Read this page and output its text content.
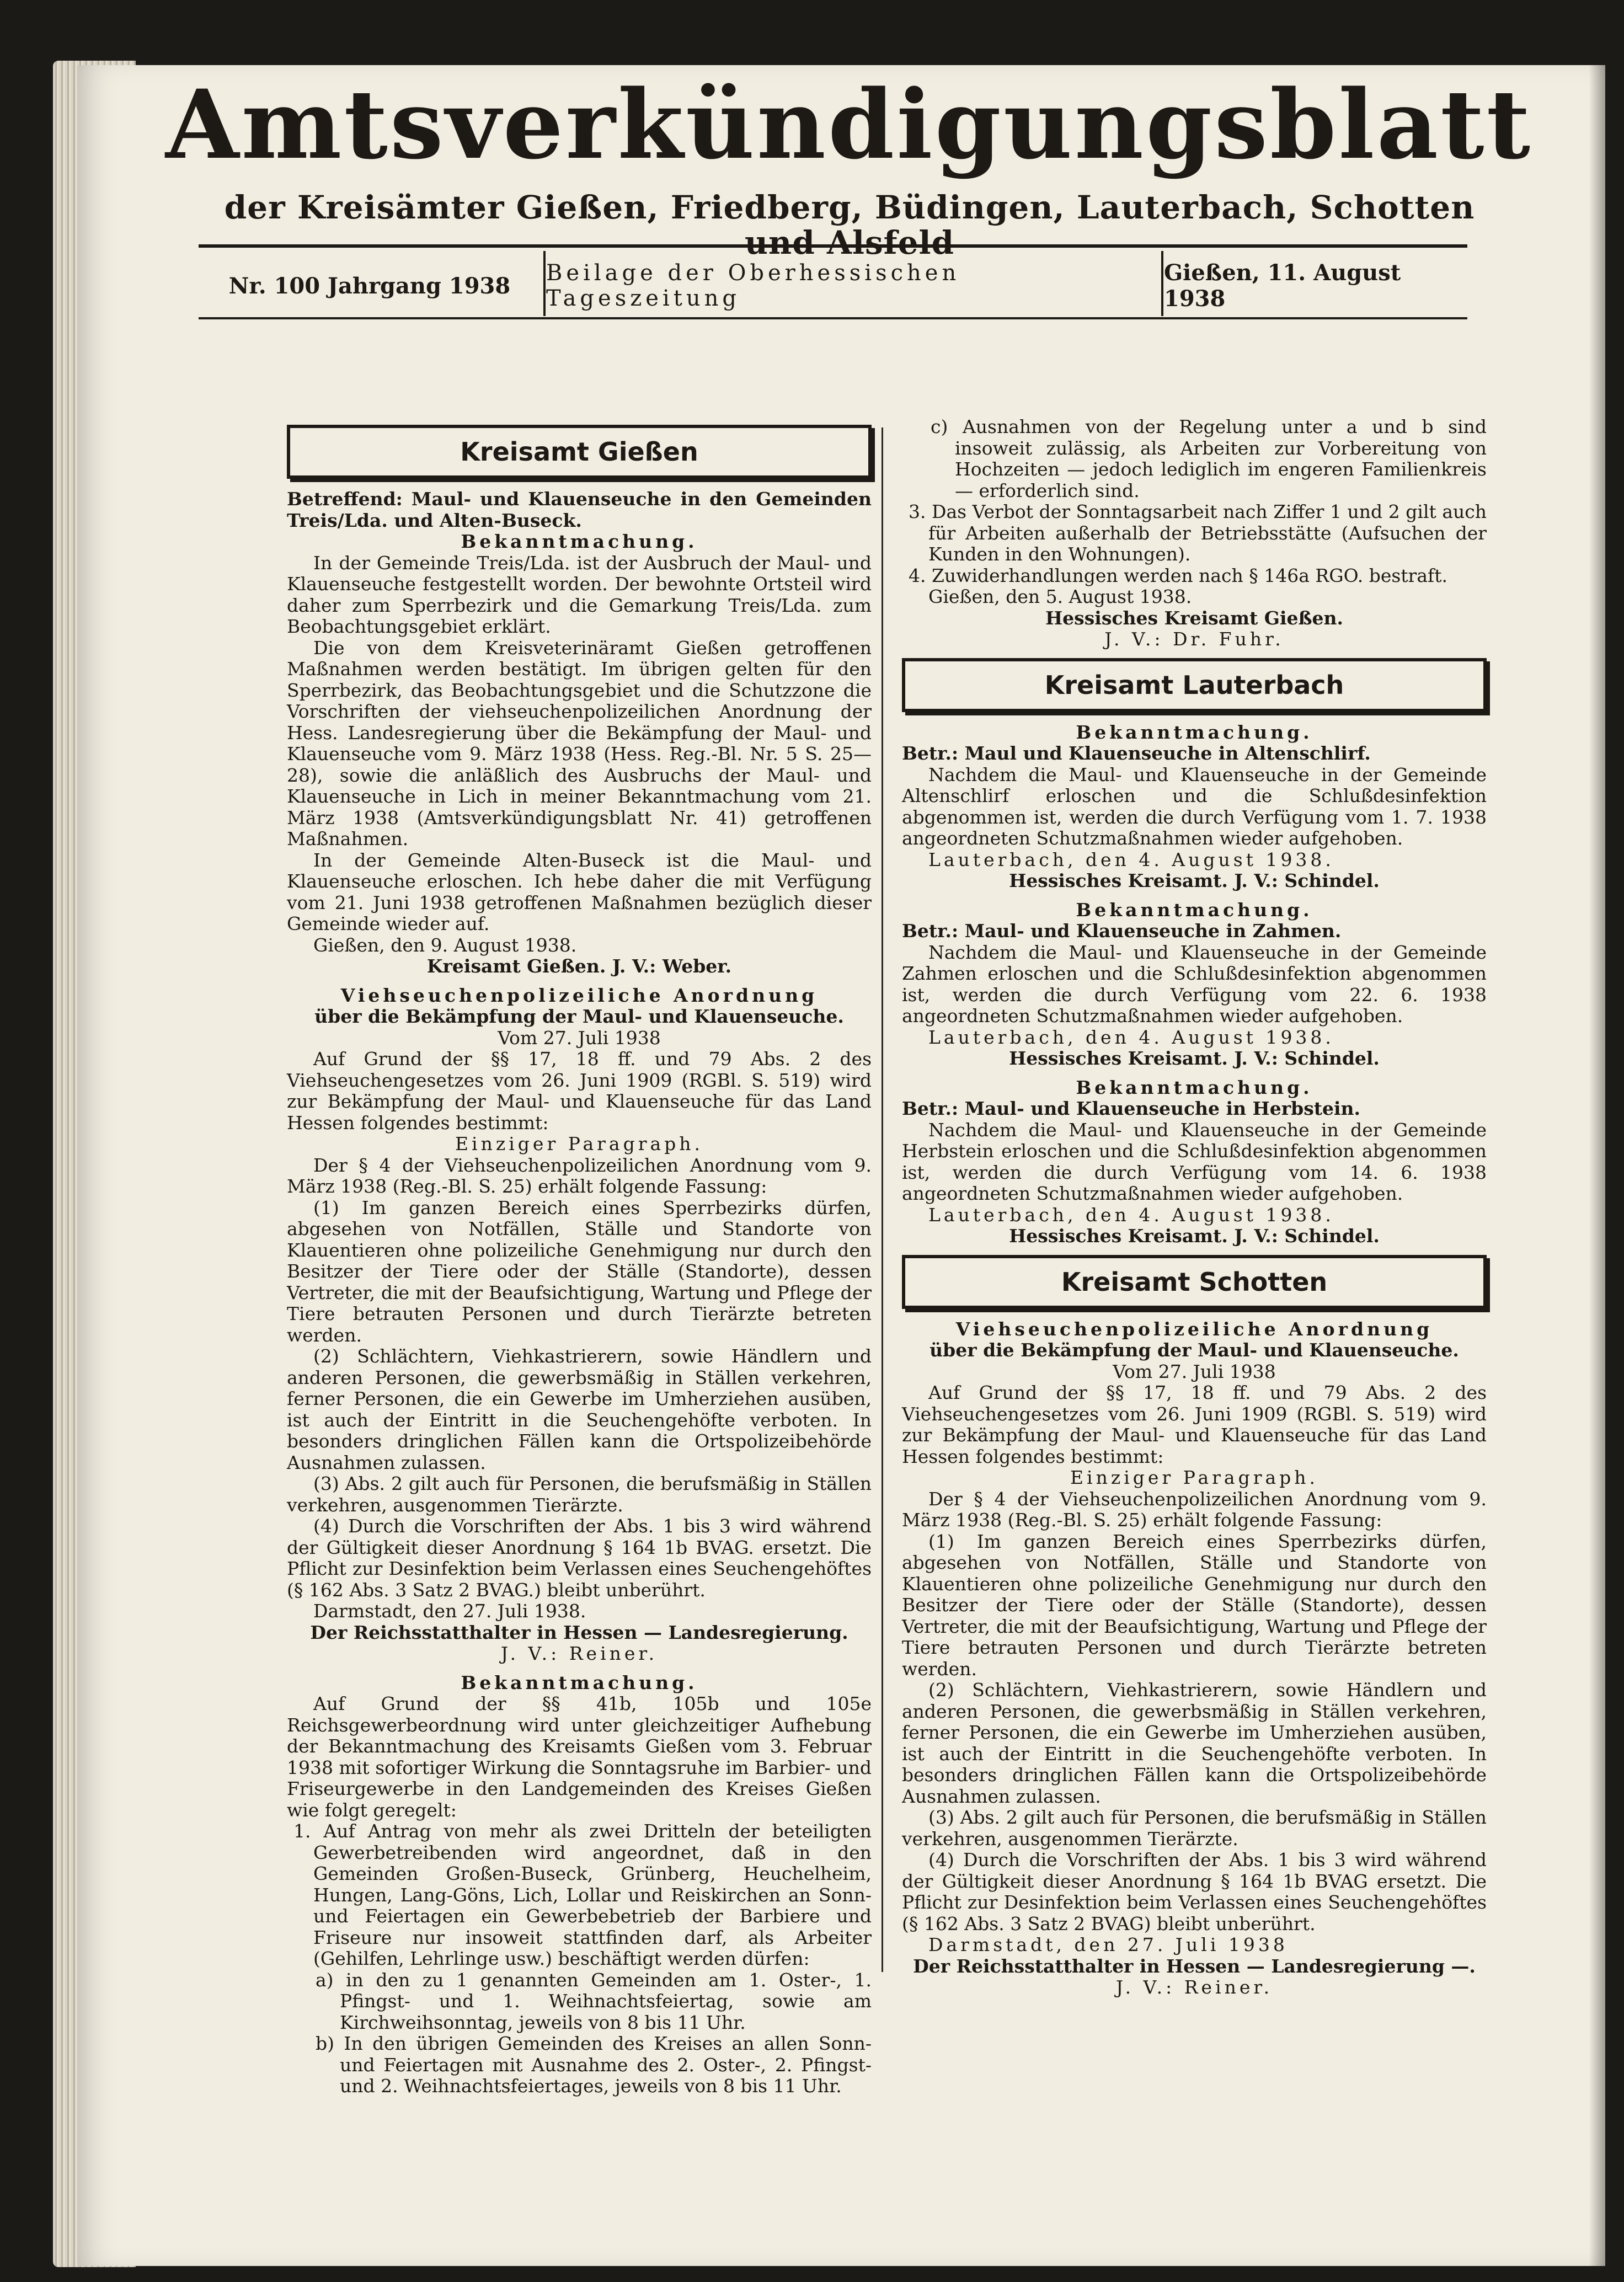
Amtsverkündigungsblatt
der Kreisämter Gießen, Friedberg, Büdingen, Lauterbach, Schotten und Alsfeld
Nr. 100 Jahrgang 1938	Beilage der Oberhessischen Tageszeitung
Gießen, 11. August 1938
Kreisamt Gießen

Betreffend: Maul- und Klauenseuche in den Gemeinden Treis/Lda. und Alten-Buseck.

Bekanntmachung.

In der Gemeinde Treis/Lda. ist der Ausbruch der Maul- und Klauenseuche festgestellt worden. Der bewohnte Ortsteil wird daher zum Sperrbezirk und die Gemarkung Treis/Lda. zum Beobachtungsgebiet erklärt.

Die von dem Kreisveterinäramt Gießen getroffenen Maßnahmen werden bestätigt. Im übrigen gelten für den Sperrbezirk, das Beobachtungsgebiet und die Schutzzone die Vorschriften der viehseuchenpolizeilichen Anordnung der Hess. Landesregierung über die Bekämpfung der Maul- und Klauenseuche vom 9. März 1938 (Hess. Reg.-Bl. Nr. 5 S. 25—28), sowie die anläßlich des Ausbruchs der Maul- und Klauenseuche in Lich in meiner Bekanntmachung vom 21. März 1938 (Amtsverkündigungsblatt Nr. 41) getroffenen Maßnahmen.

In der Gemeinde Alten-Buseck ist die Maul- und Klauenseuche erloschen. Ich hebe daher die mit Verfügung vom 21. Juni 1938 getroffenen Maßnahmen bezüglich dieser Gemeinde wieder auf.

Gießen, den 9. August 1938.

Kreisamt Gießen. J. V.: Weber.

Viehseuchenpolizeiliche Anordnung

über die Bekämpfung der Maul- und Klauenseuche.

Vom 27. Juli 1938

Auf Grund der §§ 17, 18 ff. und 79 Abs. 2 des Viehseuchengesetzes vom 26. Juni 1909 (RGBl. S. 519) wird zur Bekämpfung der Maul- und Klauenseuche für das Land Hessen folgendes bestimmt:

Einziger Paragraph.

Der § 4 der Viehseuchenpolizeilichen Anordnung vom 9. März 1938 (Reg.-Bl. S. 25) erhält folgende Fassung:

(1) Im ganzen Bereich eines Sperrbezirks dürfen, abgesehen von Notfällen, Ställe und Standorte von Klauentieren ohne polizeiliche Genehmigung nur durch den Besitzer der Tiere oder der Ställe (Standorte), dessen Vertreter, die mit der Beaufsichtigung, Wartung und Pflege der Tiere betrauten Personen und durch Tierärzte betreten werden.

(2) Schlächtern, Viehkastrierern, sowie Händlern und anderen Personen, die gewerbsmäßig in Ställen verkehren, ferner Personen, die ein Gewerbe im Umherziehen ausüben, ist auch der Eintritt in die Seuchengehöfte verboten. In besonders dringlichen Fällen kann die Ortspolizeibehörde Ausnahmen zulassen.

(3) Abs. 2 gilt auch für Personen, die berufsmäßig in Ställen verkehren, ausgenommen Tierärzte.

(4) Durch die Vorschriften der Abs. 1 bis 3 wird während der Gültigkeit dieser Anordnung § 164 1b BVAG. ersetzt. Die Pflicht zur Desinfektion beim Verlassen eines Seuchengehöftes (§ 162 Abs. 3 Satz 2 BVAG.) bleibt unberührt.

Darmstadt, den 27. Juli 1938.

Der Reichsstatthalter in Hessen — Landesregierung.

J. V.: Reiner.

Bekanntmachung.

Auf Grund der §§ 41b, 105b und 105e Reichsgewerbeordnung wird unter gleichzeitiger Aufhebung der Bekanntmachung des Kreisamts Gießen vom 3. Februar 1938 mit sofortiger Wirkung die Sonntagsruhe im Barbier- und Friseurgewerbe in den Landgemeinden des Kreises Gießen wie folgt geregelt:

1. Auf Antrag von mehr als zwei Dritteln der beteiligten Gewerbetreibenden wird angeordnet, daß in den Gemeinden Großen-Buseck, Grünberg, Heuchelheim, Hungen, Lang-Göns, Lich, Lollar und Reiskirchen an Sonn- und Feiertagen ein Gewerbebetrieb der Barbiere und Friseure nur insoweit stattfinden darf, als Arbeiter (Gehilfen, Lehrlinge usw.) beschäftigt werden dürfen:

a) in den zu 1 genannten Gemeinden am 1. Oster-, 1. Pfingst- und 1. Weihnachtsfeiertag, sowie am Kirchweihsonntag, jeweils von 8 bis 11 Uhr.

b) In den übrigen Gemeinden des Kreises an allen Sonn- und Feiertagen mit Ausnahme des 2. Oster-, 2. Pfingst- und 2. Weihnachtsfeiertages, jeweils von 8 bis 11 Uhr.

c) Ausnahmen von der Regelung unter a und b sind insoweit zulässig, als Arbeiten zur Vorbereitung von Hochzeiten — jedoch lediglich im engeren Familienkreis — erforderlich sind.

3. Das Verbot der Sonntagsarbeit nach Ziffer 1 und 2 gilt auch für Arbeiten außerhalb der Betriebsstätte (Aufsuchen der Kunden in den Wohnungen).

4. Zuwiderhandlungen werden nach § 146a RGO. bestraft.

Gießen, den 5. August 1938.

Hessisches Kreisamt Gießen.

J. V.: Dr. Fuhr.

Kreisamt Lauterbach

Bekanntmachung.

Betr.: Maul und Klauenseuche in Altenschlirf.

Nachdem die Maul- und Klauenseuche in der Gemeinde Altenschlirf erloschen und die Schlußdesinfektion abgenommen ist, werden die durch Verfügung vom 1. 7. 1938 angeordneten Schutzmaßnahmen wieder aufgehoben.

Lauterbach, den 4. August 1938.

Hessisches Kreisamt. J. V.: Schindel.

Bekanntmachung.

Betr.: Maul- und Klauenseuche in Zahmen.

Nachdem die Maul- und Klauenseuche in der Gemeinde Zahmen erloschen und die Schlußdesinfektion abgenommen ist, werden die durch Verfügung vom 22. 6. 1938 angeordneten Schutzmaßnahmen wieder aufgehoben.

Lauterbach, den 4. August 1938.

Hessisches Kreisamt. J. V.: Schindel.

Bekanntmachung.

Betr.: Maul- und Klauenseuche in Herbstein.

Nachdem die Maul- und Klauenseuche in der Gemeinde Herbstein erloschen und die Schlußdesinfektion abgenommen ist, werden die durch Verfügung vom 14. 6. 1938 angeordneten Schutzmaßnahmen wieder aufgehoben.

Lauterbach, den 4. August 1938.

Hessisches Kreisamt. J. V.: Schindel.

Kreisamt Schotten

Viehseuchenpolizeiliche Anordnung

über die Bekämpfung der Maul- und Klauenseuche.

Vom 27. Juli 1938

Auf Grund der §§ 17, 18 ff. und 79 Abs. 2 des Viehseuchengesetzes vom 26. Juni 1909 (RGBl. S. 519) wird zur Bekämpfung der Maul- und Klauenseuche für das Land Hessen folgendes bestimmt:

Einziger Paragraph.

Der § 4 der Viehseuchenpolizeilichen Anordnung vom 9. März 1938 (Reg.-Bl. S. 25) erhält folgende Fassung:

(1) Im ganzen Bereich eines Sperrbezirks dürfen, abgesehen von Notfällen, Ställe und Standorte von Klauentieren ohne polizeiliche Genehmigung nur durch den Besitzer der Tiere oder der Ställe (Standorte), dessen Vertreter, die mit der Beaufsichtigung, Wartung und Pflege der Tiere betrauten Personen und durch Tierärzte betreten werden.

(2) Schlächtern, Viehkastrierern, sowie Händlern und anderen Personen, die gewerbsmäßig in Ställen verkehren, ferner Personen, die ein Gewerbe im Umherziehen ausüben, ist auch der Eintritt in die Seuchengehöfte verboten. In besonders dringlichen Fällen kann die Ortspolizeibehörde Ausnahmen zulassen.

(3) Abs. 2 gilt auch für Personen, die berufsmäßig in Ställen verkehren, ausgenommen Tierärzte.

(4) Durch die Vorschriften der Abs. 1 bis 3 wird während der Gültigkeit dieser Anordnung § 164 1b BVAG ersetzt. Die Pflicht zur Desinfektion beim Verlassen eines Seuchengehöftes (§ 162 Abs. 3 Satz 2 BVAG) bleibt unberührt.

Darmstadt, den 27. Juli 1938

Der Reichsstatthalter in Hessen — Landesregierung —.

J. V.: Reiner.
